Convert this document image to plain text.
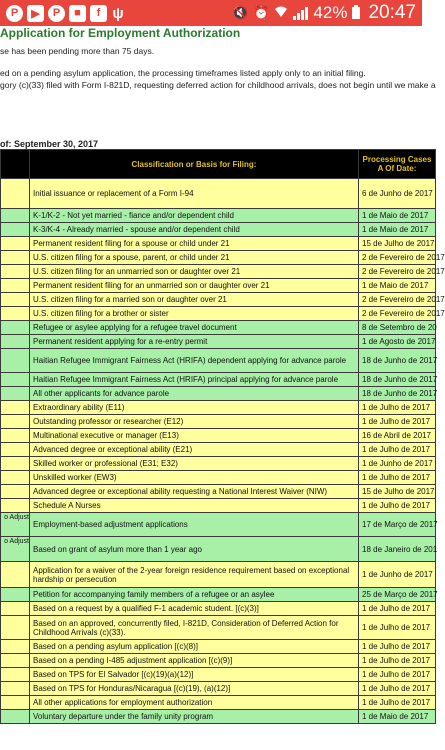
P	▶	P	■	f ψ	🔇 ⏰	42% 20:47
Application for Employment Authorization
se has been pending more than 75 days.
ed on a pending asylum application, the processing timeframes listed apply only to an initial filing.
gory (c)(33) filed with Form I-821D, requesting deferred action for childhood arrivals, does not begin until we make a
of: September 30, 2017
	Classification or Basis for Filing:	Processing Cases A Of Date:
	Initial issuance or replacement of a Form I-94	6 de Junho de 2017
	K-1/K-2 - Not yet married - fiance and/or dependent child	1 de Maio de 2017
	K-3/K-4 - Already married - spouse and/or dependent child	1 de Maio de 2017
	Permanent resident filing for a spouse or child under 21	15 de Julho de 2017
	U.S. citizen filing for a spouse, parent, or child under 21	2 de Fevereiro de 2017
	U.S. citizen filing for an unmarried son or daughter over 21	2 de Fevereiro de 2017
	Permanent resident filing for an unmarried son or daughter over 21	1 de Maio de 2017
	U.S. citizen filing for a married son or daughter over 21	2 de Fevereiro de 2017
	U.S. citizen filing for a brother or sister	2 de Fevereiro de 2017
	Refugee or asylee applying for a refugee travel document	8 de Setembro de 20
	Permanent resident applying for a re-entry permit	1 de Agosto de 2017
	Haitian Refugee Immigrant Fairness Act (HRIFA) dependent applying for advance parole	18 de Junho de 2017
	Haitian Refugee Immigrant Fairness Act (HRIFA) principal applying for advance parole	18 de Junho de 2017
	All other applicants for advance parole	18 de Junho de 2017
	Extraordinary ability (E11)	1 de Julho de 2017
	Outstanding professor or researcher (E12)	1 de Julho de 2017
	Multinational executive or manager (E13)	16 de Abril de 2017
	Advanced degree or exceptional ability (E21)	1 de Julho de 2017
	Skilled worker or professional (E31; E32)	1 de Junho de 2017
	Unskilled worker (EW3)	1 de Julho de 2017
	Advanced degree or exceptional ability requesting a National Interest Waiver (NIW)	15 de Julho de 2017
	Schedule A Nurses	1 de Julho de 2017
o Adjust	Employment-based adjustment applications	17 de Março de 2017
o Adjust	Based on grant of asylum more than 1 year ago	18 de Janeiro de 201
	Application for a waiver of the 2-year foreign residence requirement based on exceptional hardship or persecution	1 de Junho de 2017
	Petition for accompanying family members of a refugee or an asylee	25 de Março de 2017
	Based on a request by a qualified F-1 academic student. [(c)(3)]	1 de Julho de 2017
	Based on an approved, concurrently filed, I-821D, Consideration of Deferred Action for Childhood Arrivals (c)(33).	1 de Julho de 2017
	Based on a pending asylum application [(c)(8)]	1 de Julho de 2017
	Based on a pending I-485 adjustment application [(c)(9)]	1 de Julho de 2017
	Based on TPS for El Salvador [(c)(19)(a)(12)]	1 de Julho de 2017
	Based on TPS for Honduras/Nicaragua [(c)(19), (a)(12)]	1 de Julho de 2017
	All other applications for employment authorization	1 de Julho de 2017
	Voluntary departure under the family unity program	1 de Maio de 2017
